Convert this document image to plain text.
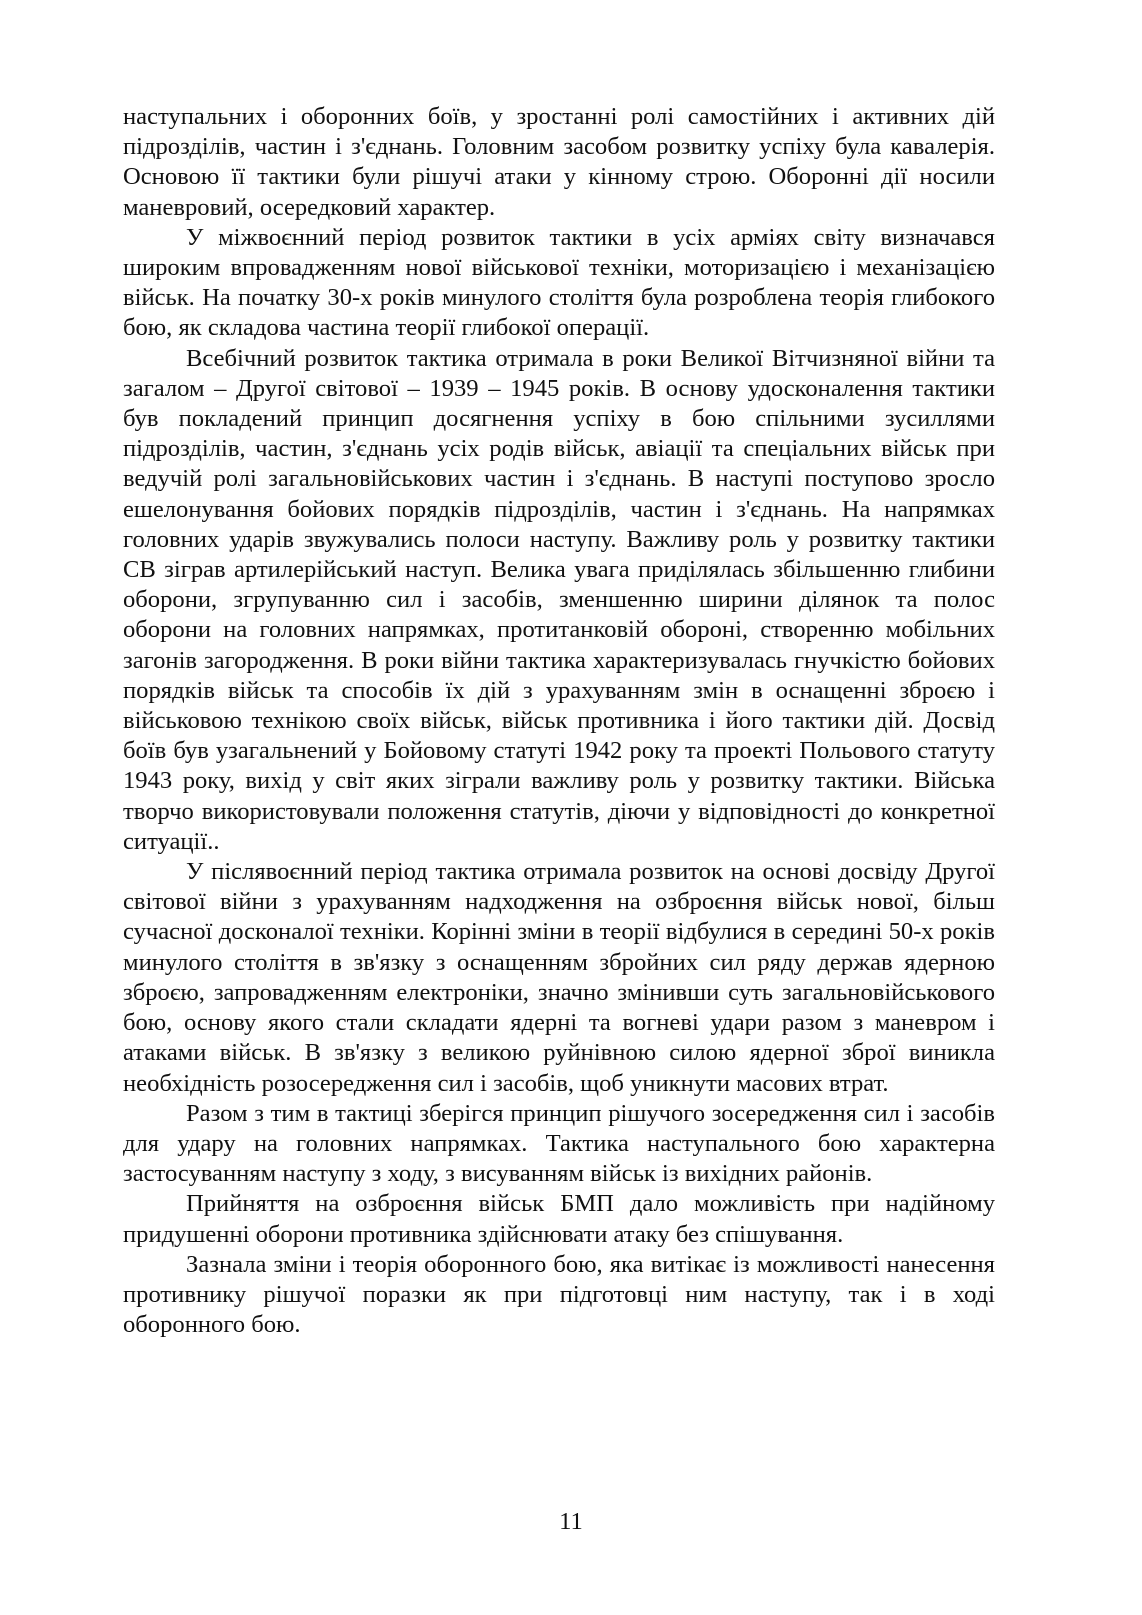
наступальних і оборонних боїв, у зростанні ролі самостійних і активних дій підрозділів, частин і з'єднань. Головним засобом розвитку успіху була кавалерія. Основою її тактики були рішучі атаки у кінному строю. Оборонні дії носили маневровий, осередковий характер.

У міжвоєнний період розвиток тактики в усіх арміях світу визначався широким впровадженням нової військової техніки, моторизацією і механізацією військ. На початку 30-х років минулого століття була розроблена теорія глибокого бою, як складова частина теорії глибокої операції.

Всебічний розвиток тактика отримала в роки Великої Вітчизняної війни та загалом – Другої світової – 1939 – 1945 років. В основу удосконалення тактики був покладений принцип досягнення успіху в бою спільними зусиллями підрозділів, частин, з'єднань усіх родів військ, авіації та спеціальних військ при ведучій ролі загальновійськових частин і з'єднань. В наступі поступово зросло ешелонування бойових порядків підрозділів, частин і з'єднань. На напрямках головних ударів звужувались полоси наступу. Важливу роль у розвитку тактики СВ зіграв артилерійський наступ. Велика увага приділялась збільшенню глибини оборони, згрупуванню сил і засобів, зменшенню ширини ділянок та полос оборони на головних напрямках, протитанковій обороні, створенню мобільних загонів загородження. В роки війни тактика характеризувалась гнучкістю бойових порядків військ та способів їх дій з урахуванням змін в оснащенні зброєю і військовою технікою своїх військ, військ противника і його тактики дій. Досвід боїв був узагальнений у Бойовому статуті 1942 року та проекті Польового статуту 1943 року, вихід у світ яких зіграли важливу роль у розвитку тактики. Війська творчо використовували положення статутів, діючи у відповідності до конкретної ситуації..

У післявоєнний період тактика отримала розвиток на основі досвіду Другої світової війни з урахуванням надходження на озброєння військ нової, більш сучасної досконалої техніки. Корінні зміни в теорії відбулися в середині 50-х років минулого століття в зв'язку з оснащенням збройних сил ряду держав ядерною зброєю, запровадженням електроніки, значно змінивши суть загальновійськового бою, основу якого стали складати ядерні та вогневі удари разом з маневром і атаками військ. В зв'язку з великою руйнівною силою ядерної зброї виникла необхідність розосередження сил і засобів, щоб уникнути масових втрат.

Разом з тим в тактиці зберігся принцип рішучого зосередження сил і засобів для удару на головних напрямках. Тактика наступального бою характерна застосуванням наступу з ходу, з висуванням військ із вихідних районів.

Прийняття на озброєння військ БМП дало можливість при надійному придушенні оборони противника здійснювати атаку без спішування.

Зазнала зміни і теорія оборонного бою, яка витікає із можливості нанесення противнику рішучої поразки як при підготовці ним наступу, так і в ході оборонного бою.

11
